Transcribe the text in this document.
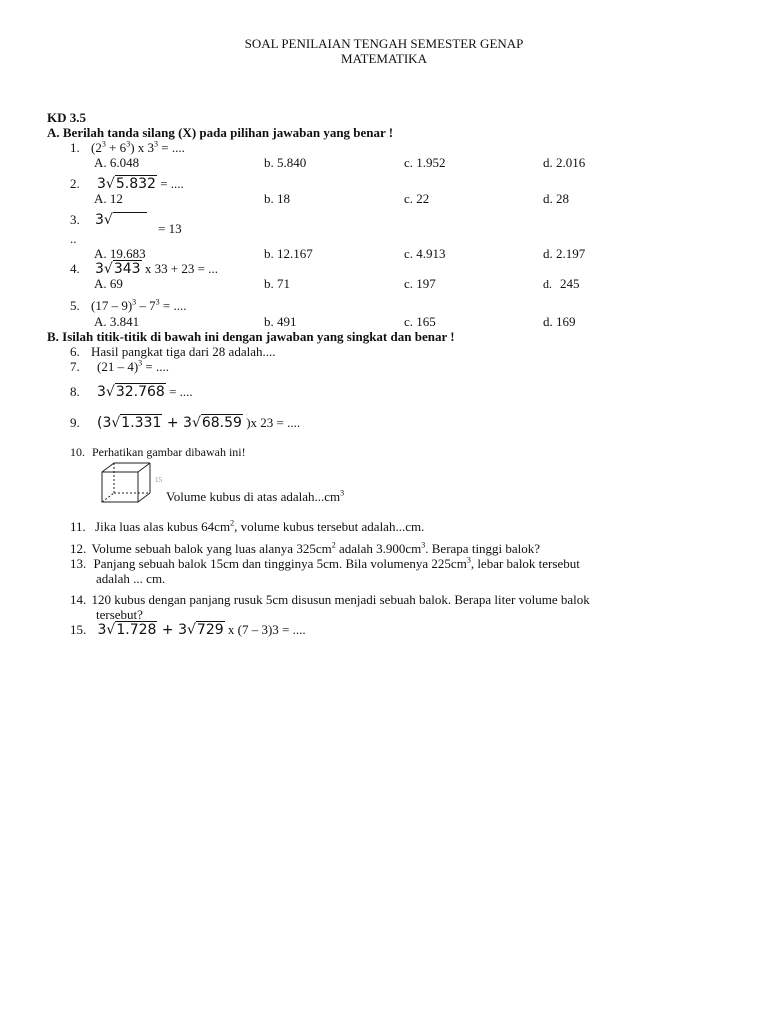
SOAL PENILAIAN TENGAH SEMESTER GENAP
MATEMATIKA
KD 3.5
A. Berilah tanda silang (X) pada pilihan jawaban yang benar !
1. $(2^3 + 6^3)$ x $3^3$ = ....
A. 6.048	b. 5.840	c. 1.952	d. 2.016
2. 3√5.832 = ....
A. 12	b. 18	c. 22	d. 28
3. 3√
= 13
..
A. 19.683	b. 12.167	c. 4.913	d. 2.197
4. 3√343 x 33 + 23 = ...
A. 69	b. 71	c. 197	d. 245
5. $(17 - 9)^3 - 7^3$ = ....
A. 3.841	b. 491	c. 165	d. 169
B. Isilah titik-titik di bawah ini dengan jawaban yang singkat dan benar !
6. Hasil pangkat tiga dari 28 adalah....
7. (21 – 4)$^3$ = ....
8. 3√32.768 = ....
9. (3√1.331 + 3√68.59 )x 23 = ....
10. Perhatikan gambar dibawah ini!
15
Volume kubus di atas $adalah...cm^3$
11. Jika luas alas kubus $64cm^2$, volume kubus tersebut adalah...cm.
12. Volume sebuah balok yang luas alanya $325cm^2$ adalah $3.900cm^3$. Berapa tinggi balok?
13. Panjang sebuah balok 15cm dan tingginya 5cm. Bila volumenya $225cm^3$, lebar balok tersebut
adalah ... cm.
14. 120 kubus dengan panjang rusuk 5cm disusun menjadi sebuah balok. Berapa liter volume balok
tersebut?
15. 3√1.728 + 3√729 x (7 – 3)3 = ....
